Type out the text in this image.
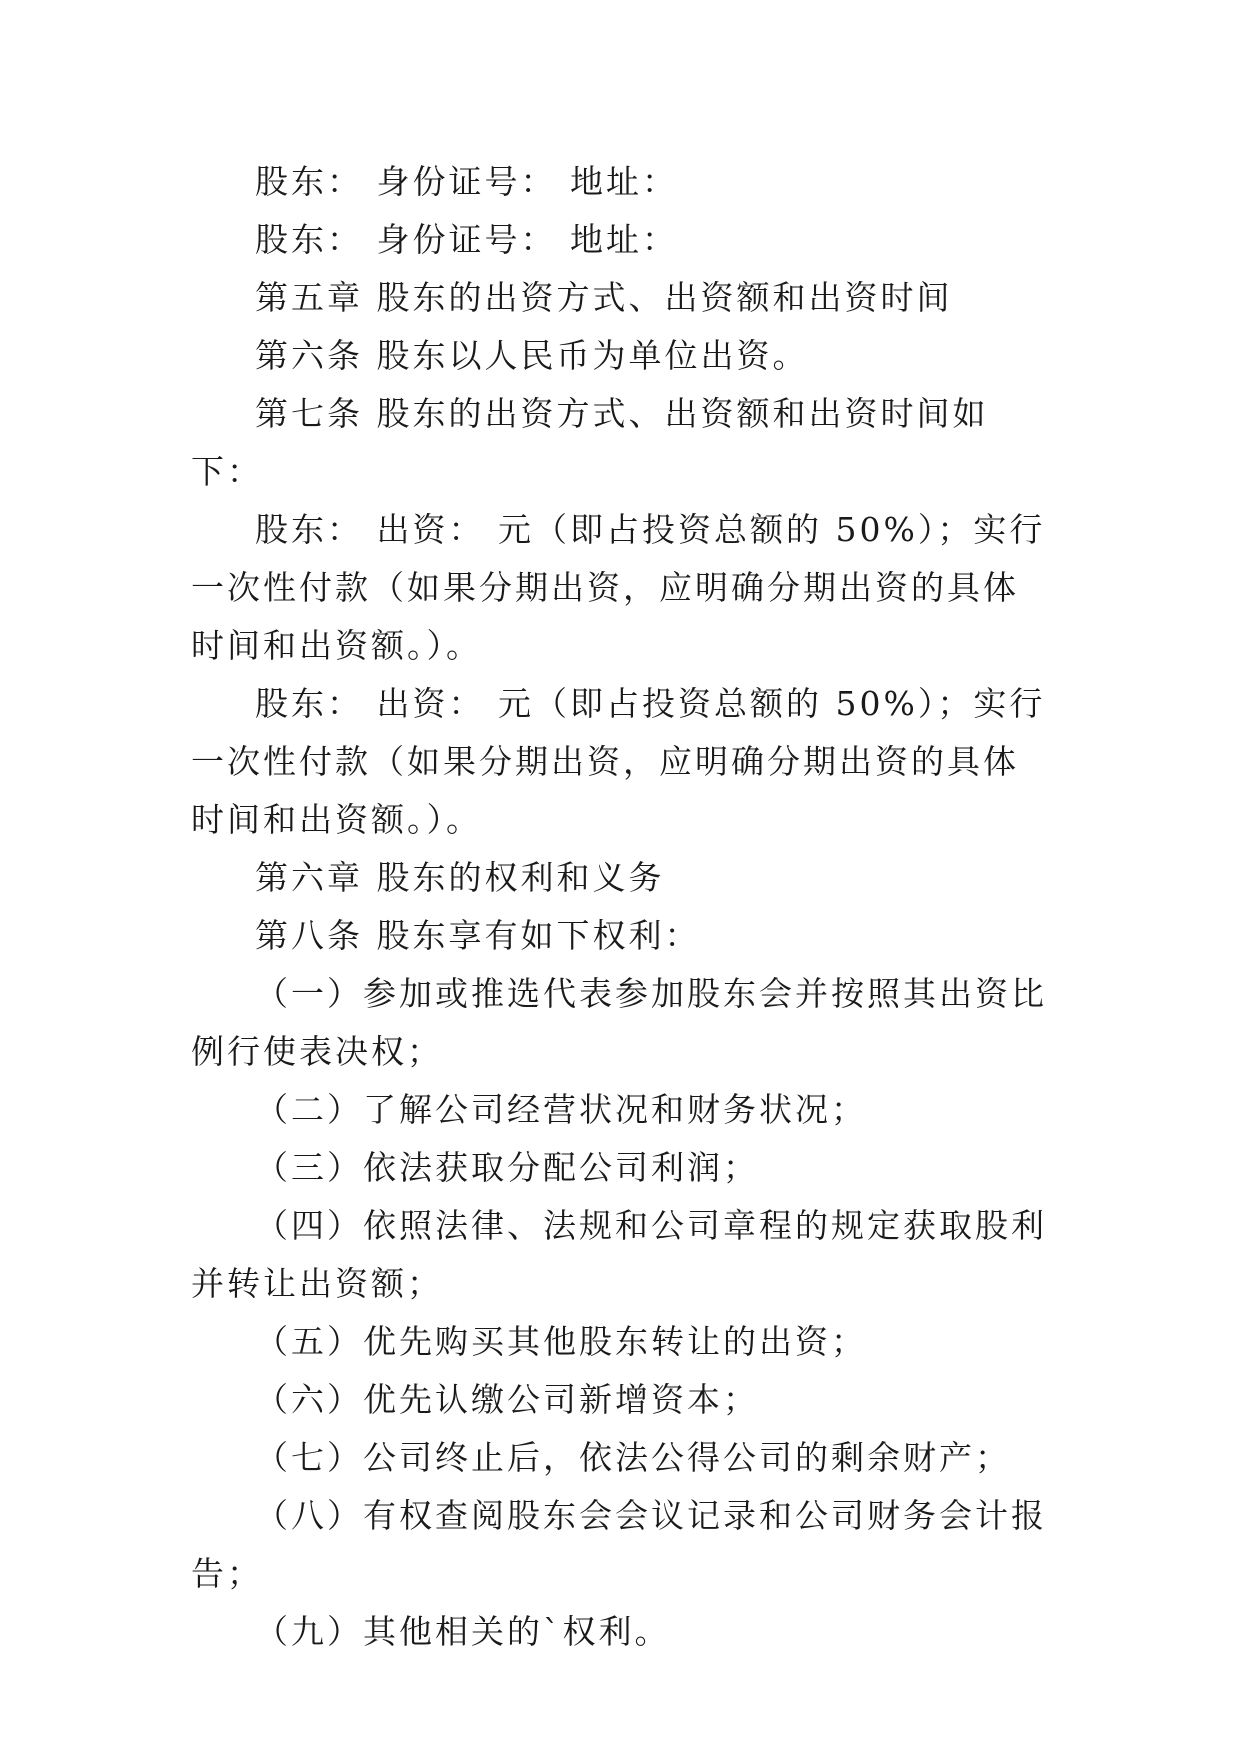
股东： 身份证号： 地址：

股东： 身份证号： 地址：

第五章 股东的出资方式、出资额和出资时间

第六条 股东以人民币为单位出资。

第七条 股东的出资方式、出资额和出资时间如下：

股东： 出资： 元（即占投资总额的 50%）；实行一次性付款（如果分期出资，应明确分期出资的具体时间和出资额。）。

股东： 出资： 元（即占投资总额的 50%）；实行一次性付款（如果分期出资，应明确分期出资的具体时间和出资额。）。

第六章 股东的权利和义务

第八条 股东享有如下权利：

（一）参加或推选代表参加股东会并按照其出资比例行使表决权；

（二）了解公司经营状况和财务状况；

（三）依法获取分配公司利润；

（四）依照法律、法规和公司章程的规定获取股利并转让出资额；

（五）优先购买其他股东转让的出资；

（六）优先认缴公司新增资本；

（七）公司终止后，依法公得公司的剩余财产；

（八）有权查阅股东会会议记录和公司财务会计报告；

（九）其他相关的`权利。
